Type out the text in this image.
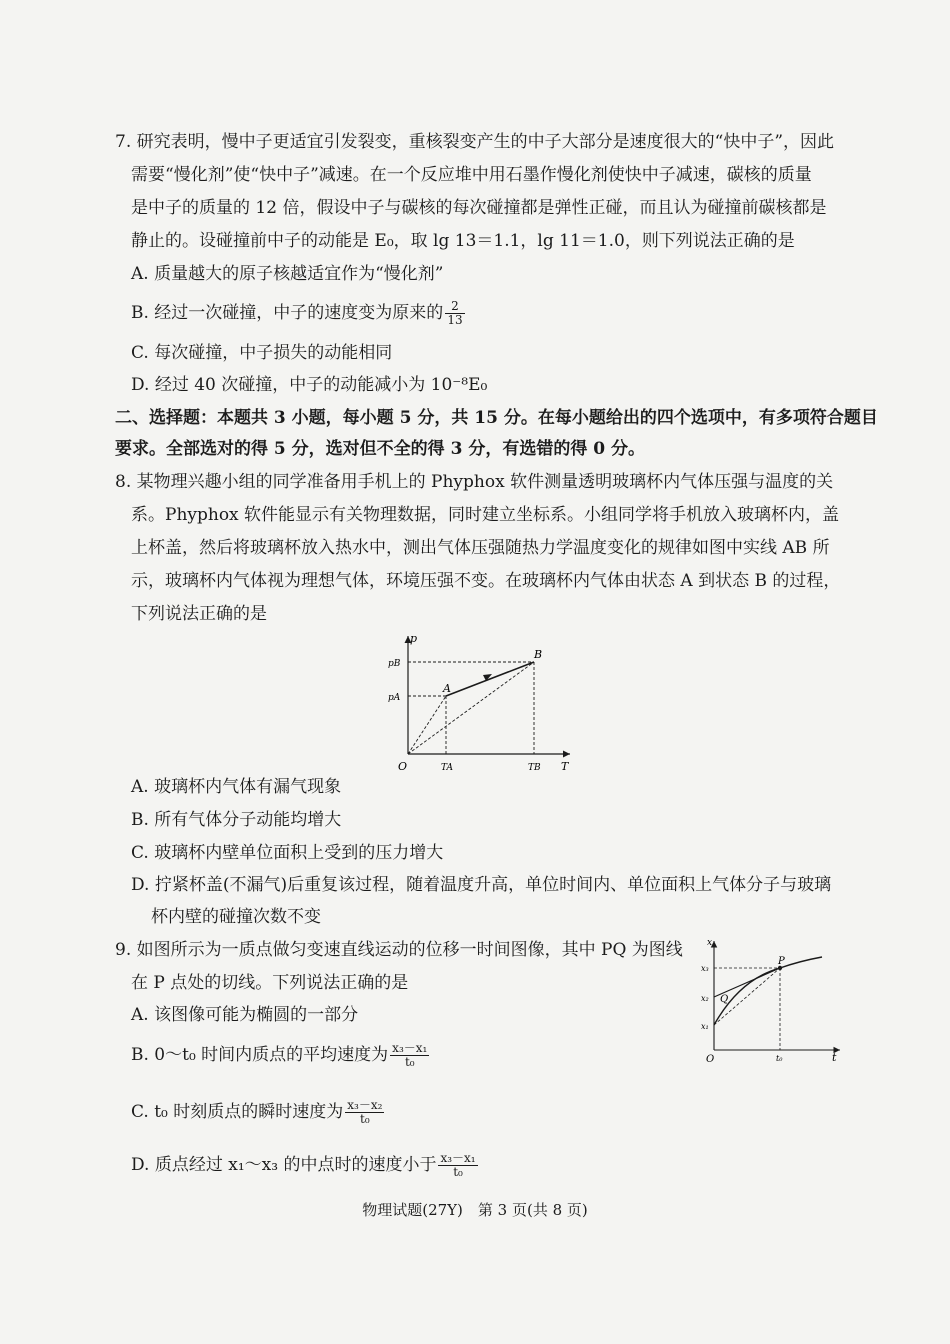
7. 研究表明，慢中子更适宜引发裂变，重核裂变产生的中子大部分是速度很大的“快中子”，因此
需要“慢化剂”使“快中子”减速。在一个反应堆中用石墨作慢化剂使快中子减速，碳核的质量
是中子的质量的 12 倍，假设中子与碳核的每次碰撞都是弹性正碰，而且认为碰撞前碳核都是
静止的。设碰撞前中子的动能是 E₀，取 lg 13＝1.1，lg 11＝1.0，则下列说法正确的是
A. 质量越大的原子核越适宜作为“慢化剂”
B. 经过一次碰撞，中子的速度变为原来的 $\frac{2}{13}$
C. 每次碰撞，中子损失的动能相同
D. 经过 40 次碰撞，中子的动能减小为 10⁻⁸E₀
二、选择题：本题共 3 小题，每小题 5 分，共 15 分。在每小题给出的四个选项中，有多项符合题目
要求。全部选对的得 5 分，选对但不全的得 3 分，有选错的得 0 分。
8. 某物理兴趣小组的同学准备用手机上的 Phyphox 软件测量透明玻璃杯内气体压强与温度的关
系。Phyphox 软件能显示有关物理数据，同时建立坐标系。小组同学将手机放入玻璃杯内，盖
上杯盖，然后将玻璃杯放入热水中，测出气体压强随热力学温度变化的规律如图中实线 AB 所
示，玻璃杯内气体视为理想气体，环境压强不变。在玻璃杯内气体由状态 A 到状态 B 的过程，
下列说法正确的是
p
T
O
pB
pA
TA	TB
A
B
A. 玻璃杯内气体有漏气现象
B. 所有气体分子动能均增大
C. 玻璃杯内壁单位面积上受到的压力增大
D. 拧紧杯盖(不漏气)后重复该过程，随着温度升高，单位时间内、单位面积上气体分子与玻璃
杯内壁的碰撞次数不变
9. 如图所示为一质点做匀变速直线运动的位移一时间图像，其中 PQ 为图线
在 P 点处的切线。下列说法正确的是
A. 该图像可能为椭圆的一部分
B. 0～t₀ 时间内质点的平均速度为 $\frac{\text{x₃－x₁}}{\text{t₀}}$
C. t₀ 时刻质点的瞬时速度为 $\frac{\text{x₃－x₂}}{\text{t₀}}$
D. 质点经过 x₁～x₃ 的中点时的速度小于 $\frac{\text{x₃－x₁}}{\text{t₀}}$
x
t
O
x₃
x₂
x₁
t₀
P
Q
物理试题(27Y)　第 3 页(共 8 页)
